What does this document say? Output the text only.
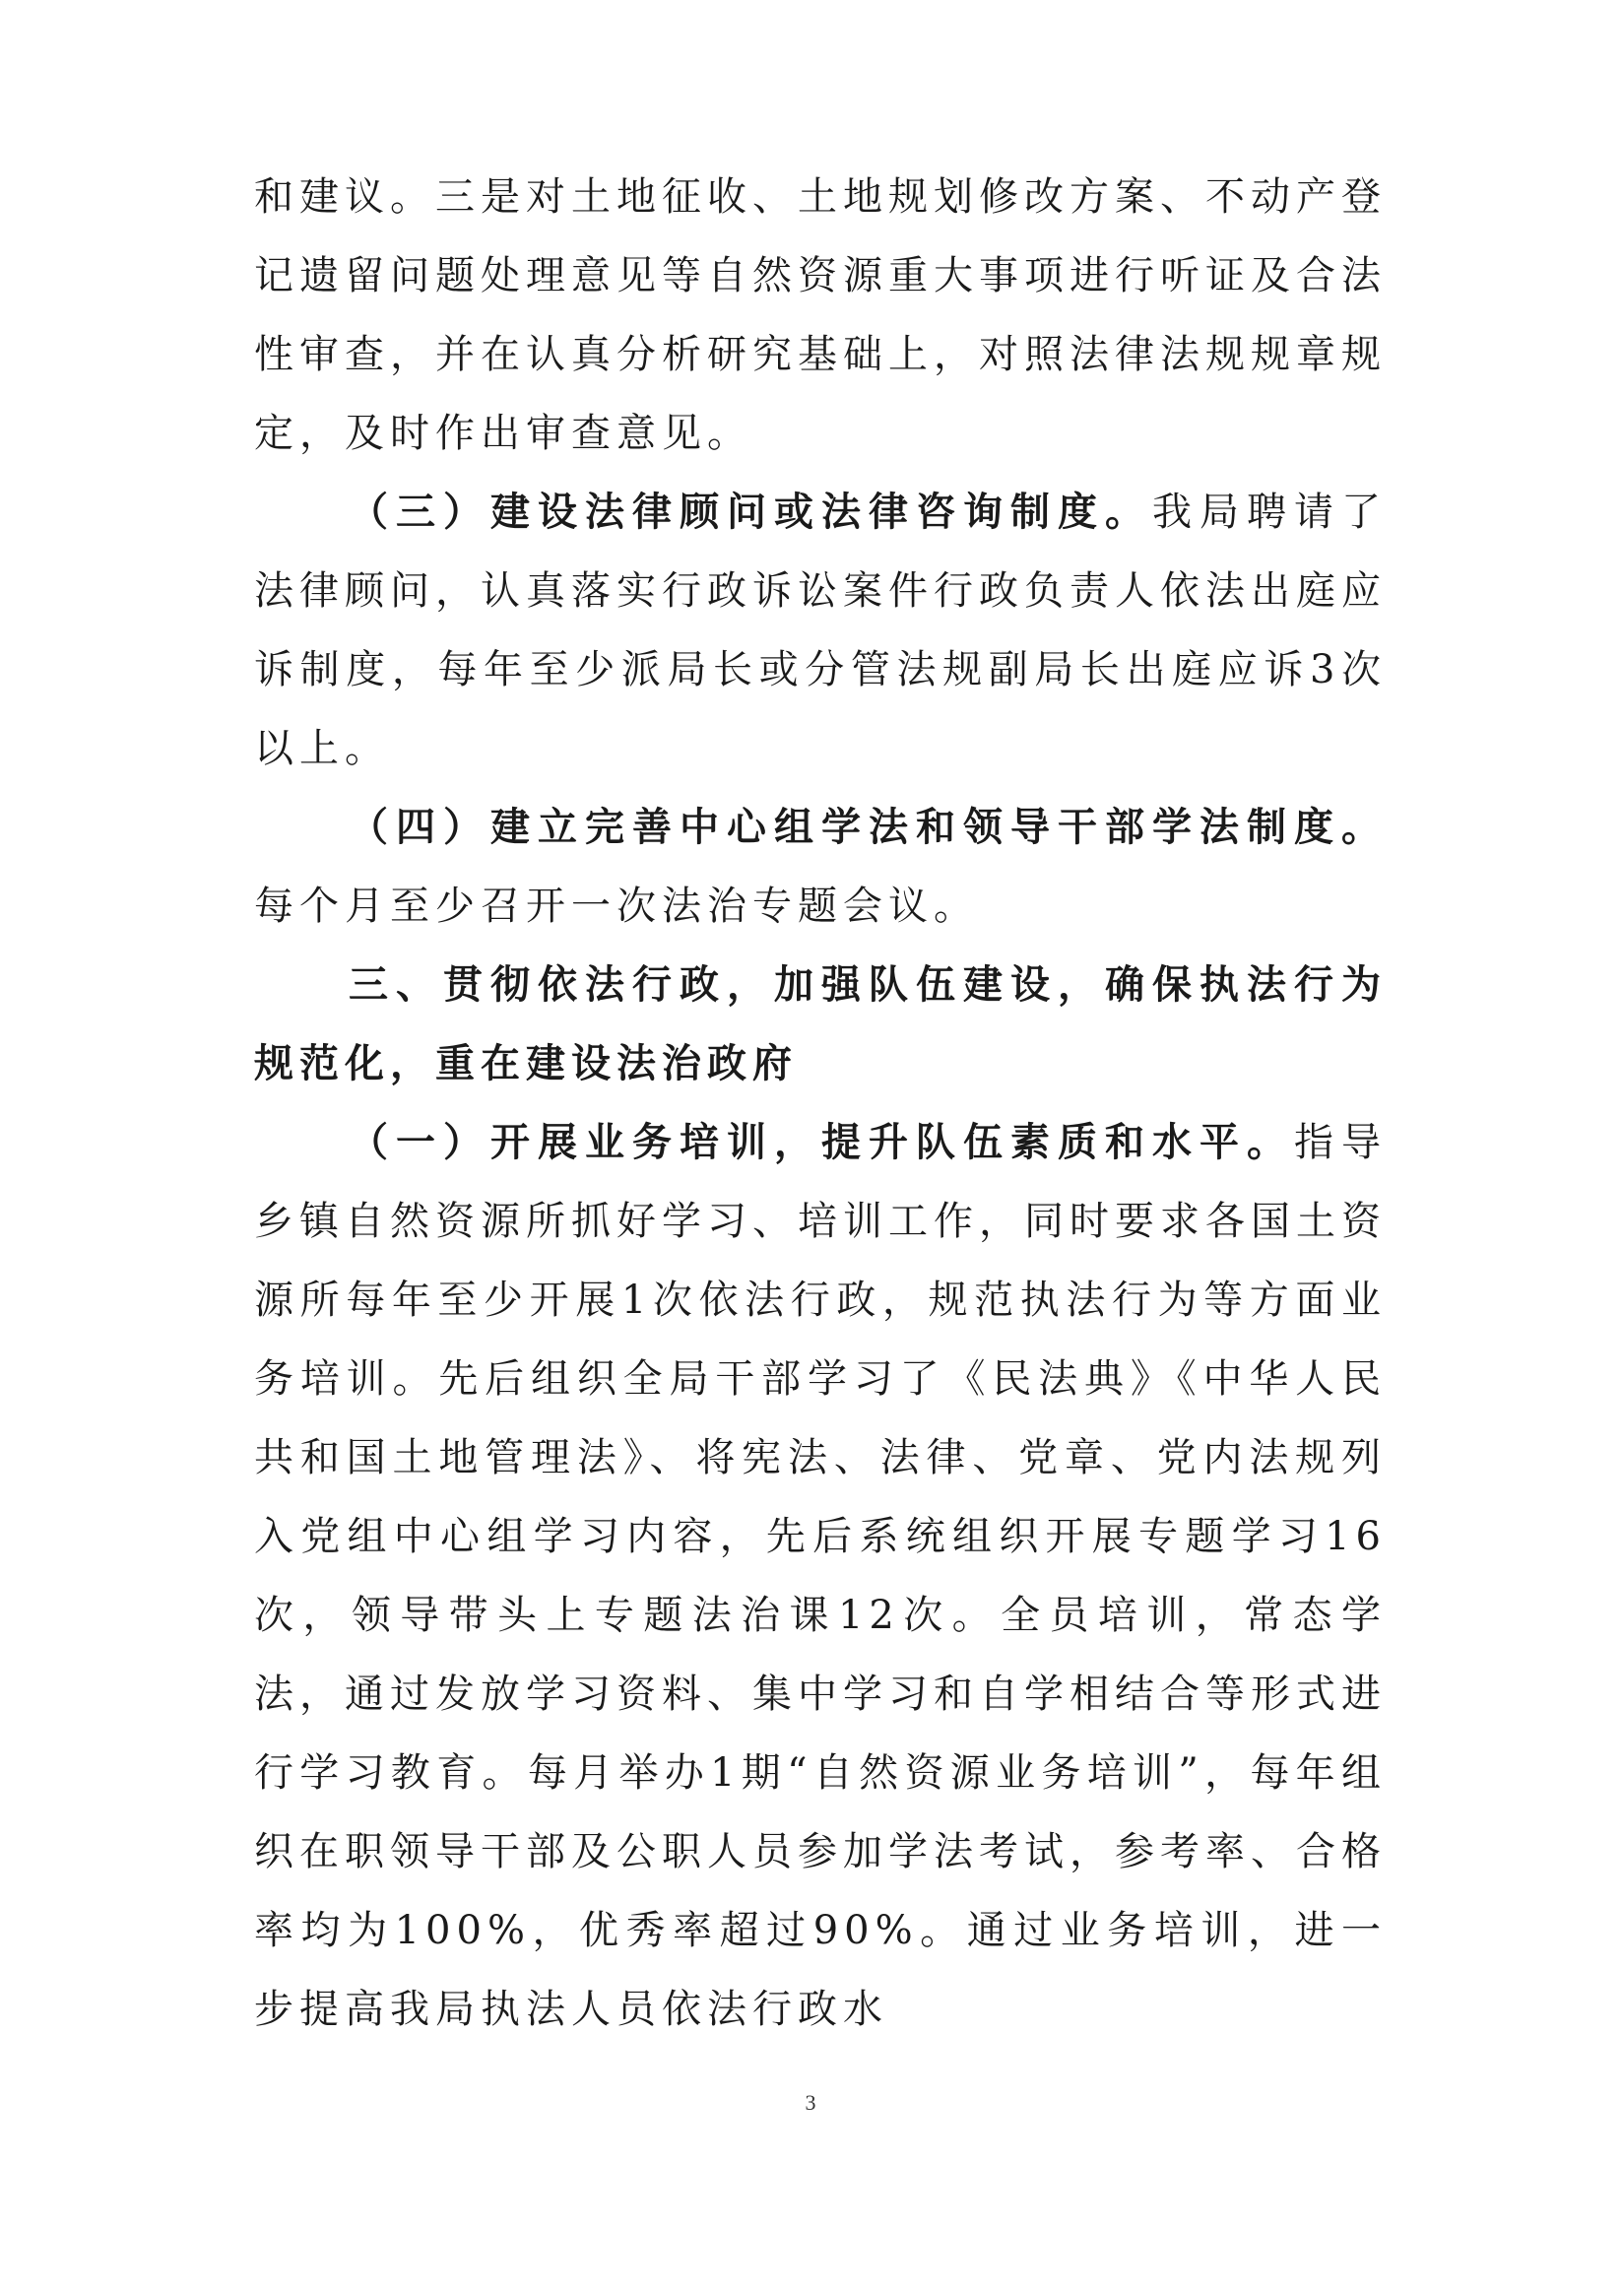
和建议。三是对土地征收、土地规划修改方案、不动产登记遗留问题处理意见等自然资源重大事项进行听证及合法性审查，并在认真分析研究基础上，对照法律法规规章规定，及时作出审查意见。

（三）建设法律顾问或法律咨询制度。我局聘请了法律顾问，认真落实行政诉讼案件行政负责人依法出庭应诉制度，每年至少派局长或分管法规副局长出庭应诉3次以上。

（四）建立完善中心组学法和领导干部学法制度。每个月至少召开一次法治专题会议。

三、贯彻依法行政，加强队伍建设，确保执法行为规范化，重在建设法治政府

（一）开展业务培训，提升队伍素质和水平。指导乡镇自然资源所抓好学习、培训工作，同时要求各国土资源所每年至少开展1次依法行政，规范执法行为等方面业务培训。先后组织全局干部学习了《民法典》《中华人民共和国土地管理法》、将宪法、法律、党章、党内法规列入党组中心组学习内容，先后系统组织开展专题学习16次，领导带头上专题法治课12次。全员培训，常态学法，通过发放学习资料、集中学习和自学相结合等形式进行学习教育。每月举办1期“自然资源业务培训”，每年组织在职领导干部及公职人员参加学法考试，参考率、合格率均为100%，优秀率超过90%。通过业务培训，进一步提高我局执法人员依法行政水

3
